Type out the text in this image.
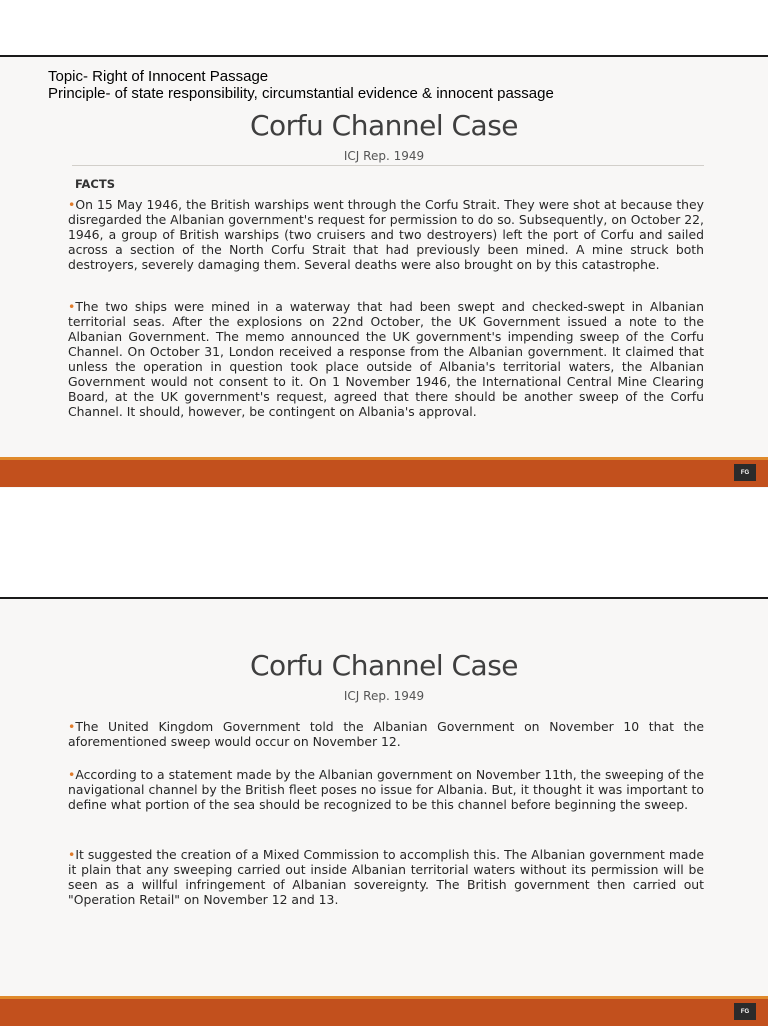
Topic- Right of Innocent Passage
Principle- of state responsibility, circumstantial evidence & innocent passage
Corfu Channel Case
ICJ Rep. 1949
FACTS

•On 15 May 1946, the British warships went through the Corfu Strait. They were shot at because they disregarded the Albanian government's request for permission to do so. Subsequently, on October 22, 1946, a group of British warships (two cruisers and two destroyers) left the port of Corfu and sailed across a section of the North Corfu Strait that had previously been mined. A mine struck both destroyers, severely damaging them. Several deaths were also brought on by this catastrophe.

•The two ships were mined in a waterway that had been swept and checked-swept in Albanian territorial seas. After the explosions on 22nd October, the UK Government issued a note to the Albanian Government. The memo announced the UK government's impending sweep of the Corfu Channel. On October 31, London received a response from the Albanian government. It claimed that unless the operation in question took place outside of Albania's territorial waters, the Albanian Government would not consent to it. On 1 November 1946, the International Central Mine Clearing Board, at the UK government's request, agreed that there should be another sweep of the Corfu Channel. It should, however, be contingent on Albania's approval.

FG
Corfu Channel Case
ICJ Rep. 1949

•The United Kingdom Government told the Albanian Government on November 10 that the aforementioned sweep would occur on November 12.

•According to a statement made by the Albanian government on November 11th, the sweeping of the navigational channel by the British fleet poses no issue for Albania. But, it thought it was important to define what portion of the sea should be recognized to be this channel before beginning the sweep.

•It suggested the creation of a Mixed Commission to accomplish this. The Albanian government made it plain that any sweeping carried out inside Albanian territorial waters without its permission will be seen as a willful infringement of Albanian sovereignty. The British government then carried out "Operation Retail" on November 12 and 13.

FG
